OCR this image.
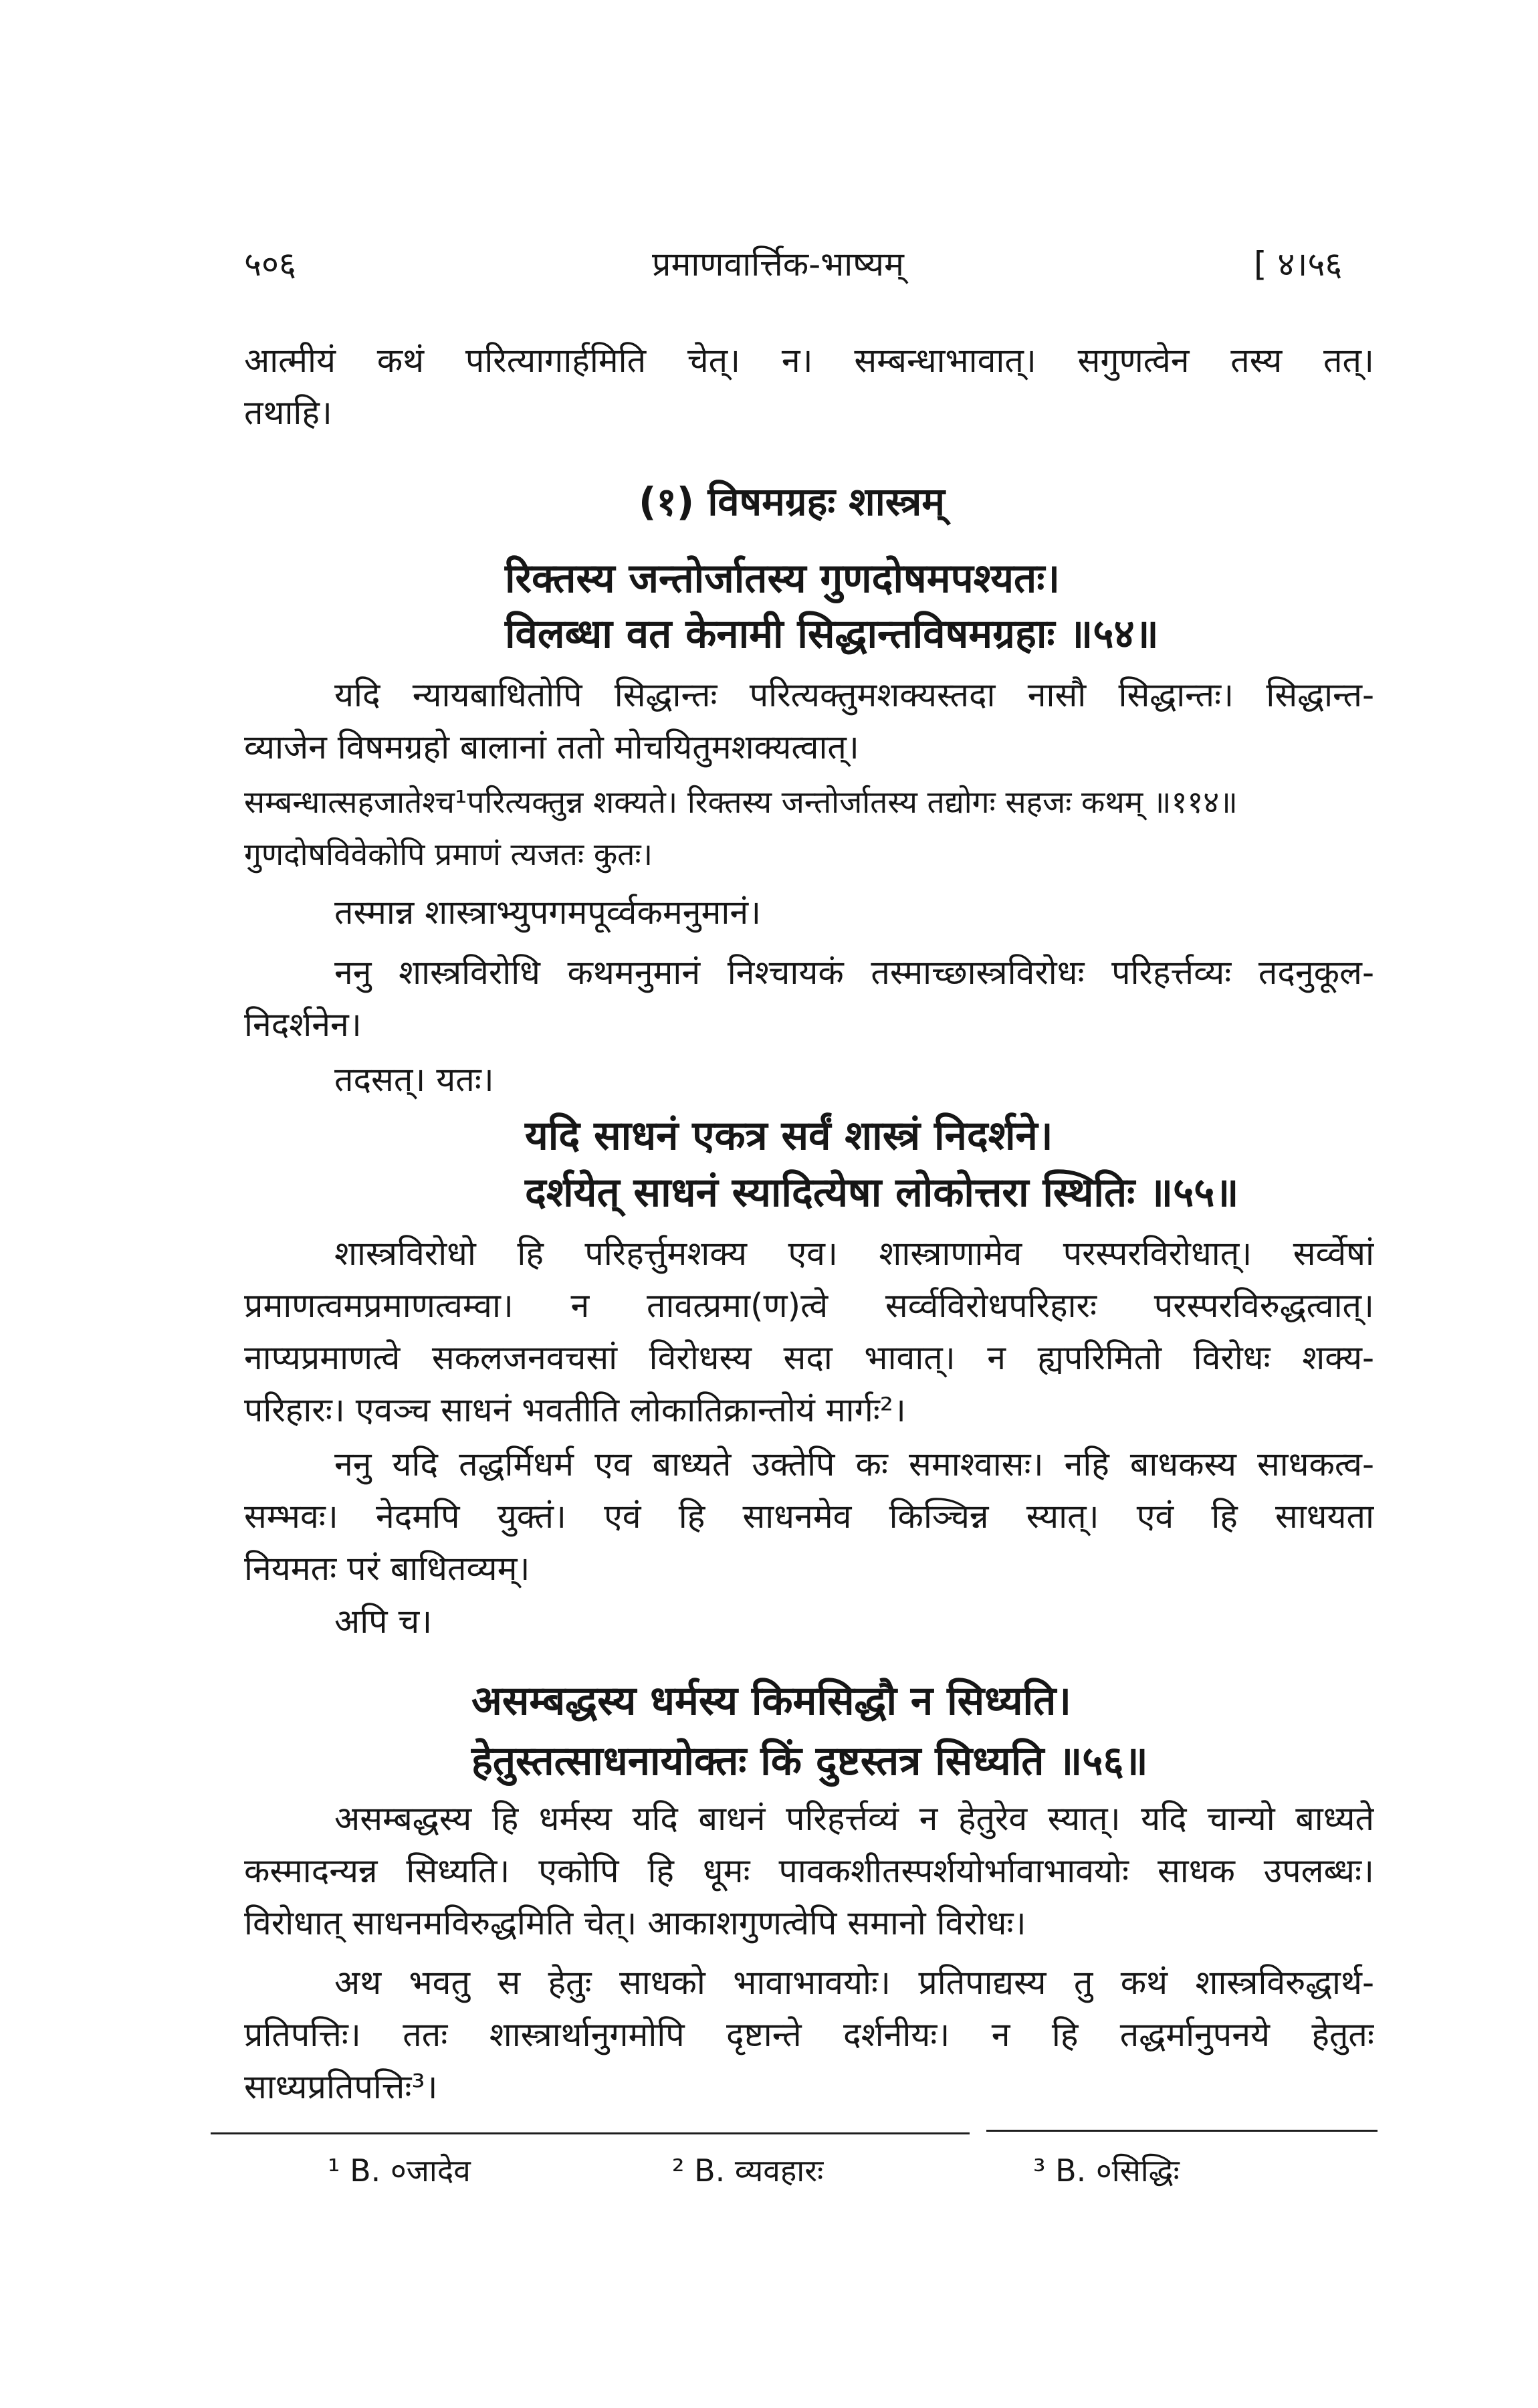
५०६	प्रमाणवार्त्तिक-भाष्यम्	[ ४।५६
आत्मीयं कथं परित्यागार्हमिति चेत्। न। सम्बन्धाभावात्। सगुणत्वेन तस्य तत्।
तथाहि।
(१) विषमग्रहः शास्त्रम्
रिक्तस्य जन्तोर्जातस्य गुणदोषमपश्यतः।
विलब्धा वत केनामी सिद्धान्तविषमग्रहाः ॥५४॥
यदि न्यायबाधितोपि सिद्धान्तः परित्यक्तुमशक्यस्तदा नासौ सिद्धान्तः। सिद्धान्त-
व्याजेन विषमग्रहो बालानां ततो मोचयितुमशक्यत्वात्।
सम्बन्धात्सहजातेश्च¹परित्यक्तुन्न शक्यते। रिक्तस्य जन्तोर्जातस्य तद्योगः सहजः कथम् ॥११४॥
गुणदोषविवेकोपि प्रमाणं त्यजतः कुतः।
तस्मान्न शास्त्राभ्युपगमपूर्व्वकमनुमानं।
ननु शास्त्रविरोधि कथमनुमानं निश्चायकं तस्माच्छास्त्रविरोधः परिहर्त्तव्यः तदनुकूल-
निदर्शनेन।
तदसत्। यतः।
यदि साधनं एकत्र सर्वं शास्त्रं निदर्शने।
दर्शयेत् साधनं स्यादित्येषा लोकोत्तरा स्थितिः ॥५५॥
शास्त्रविरोधो हि परिहर्त्तुमशक्य एव। शास्त्राणामेव परस्परविरोधात्। सर्व्वेषां
प्रमाणत्वमप्रमाणत्वम्वा। न तावत्प्रमा(ण)त्वे सर्व्वविरोधपरिहारः परस्परविरुद्धत्वात्।
नाप्यप्रमाणत्वे सकलजनवचसां विरोधस्य सदा भावात्। न ह्यपरिमितो विरोधः शक्य-
परिहारः। एवञ्च साधनं भवतीति लोकातिक्रान्तोयं मार्गः²।
ननु यदि तद्धर्मिधर्म एव बाध्यते उक्तेपि कः समाश्वासः। नहि बाधकस्य साधकत्व-
सम्भवः। नेदमपि युक्तं। एवं हि साधनमेव किञ्चिन्न स्यात्। एवं हि साधयता
नियमतः परं बाधितव्यम्।
अपि च।
असम्बद्धस्य धर्मस्य किमसिद्धौ न सिध्यति।
हेतुस्तत्साधनायोक्तः किं दुष्टस्तत्र सिध्यति ॥५६॥
असम्बद्धस्य हि धर्मस्य यदि बाधनं परिहर्त्तव्यं न हेतुरेव स्यात्। यदि चान्यो बाध्यते
कस्मादन्यन्न सिध्यति। एकोपि हि धूमः पावकशीतस्पर्शयोर्भावाभावयोः साधक उपलब्धः।
विरोधात् साधनमविरुद्धमिति चेत्। आकाशगुणत्वेपि समानो विरोधः।
अथ भवतु स हेतुः साधको भावाभावयोः। प्रतिपाद्यस्य तु कथं शास्त्रविरुद्धार्थ-
प्रतिपत्तिः। ततः शास्त्रार्थानुगमोपि दृष्टान्ते दर्शनीयः। न हि तद्धर्मानुपनये हेतुतः
साध्यप्रतिपत्तिः³।
¹ B. ०जादेव	² B. व्यवहारः	³ B. ०सिद्धिः
